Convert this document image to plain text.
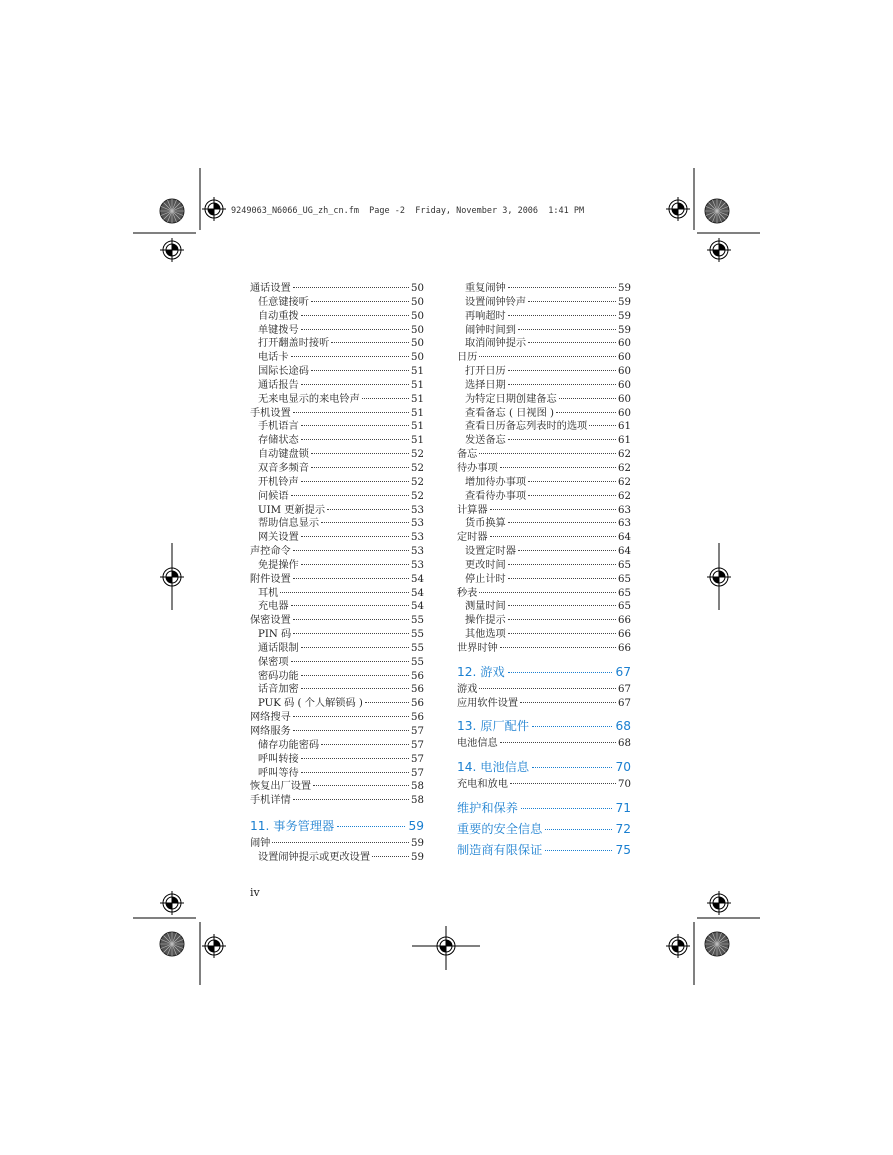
9249063_N6066_UG_zh_cn.fm  Page -2  Friday, November 3, 2006  1:41 PM
通话设置	50
任意键接听	50
自动重拨	50
单键拨号	50
打开翻盖时接听	50
电话卡	50
国际长途码	51
通话报告	51
无来电显示的来电铃声	51
手机设置	51
手机语言	51
存储状态	51
自动键盘锁	52
双音多频音	52
开机铃声	52
问候语	52
UIM 更新提示	53
帮助信息显示	53
网关设置	53
声控命令	53
免提操作	53
附件设置	54
耳机	54
充电器	54
保密设置	55
PIN 码	55
通话限制	55
保密项	55
密码功能	56
话音加密	56
PUK 码 ( 个人解锁码 )	56
网络搜寻	56
网络服务	57
储存功能密码	57
呼叫转接	57
呼叫等待	57
恢复出厂设置	58
手机详情	58
11. 事务管理器	59
闹钟	59
设置闹钟提示或更改设置	59
重复闹钟	59
设置闹钟铃声	59
再响超时	59
闹钟时间到	59
取消闹钟提示	60
日历	60
打开日历	60
选择日期	60
为特定日期创建备忘	60
查看备忘 ( 日视图 )	60
查看日历备忘列表时的选项	61
发送备忘	61
备忘	62
待办事项	62
增加待办事项	62
查看待办事项	62
计算器	63
货币换算	63
定时器	64
设置定时器	64
更改时间	65
停止计时	65
秒表	65
测量时间	65
操作提示	66
其他选项	66
世界时钟	66
12. 游戏	67
游戏	67
应用软件设置	67
13. 原厂配件	68
电池信息	68
14. 电池信息	70
充电和放电	70
维护和保养	71
重要的安全信息	72
制造商有限保证	75
iv
